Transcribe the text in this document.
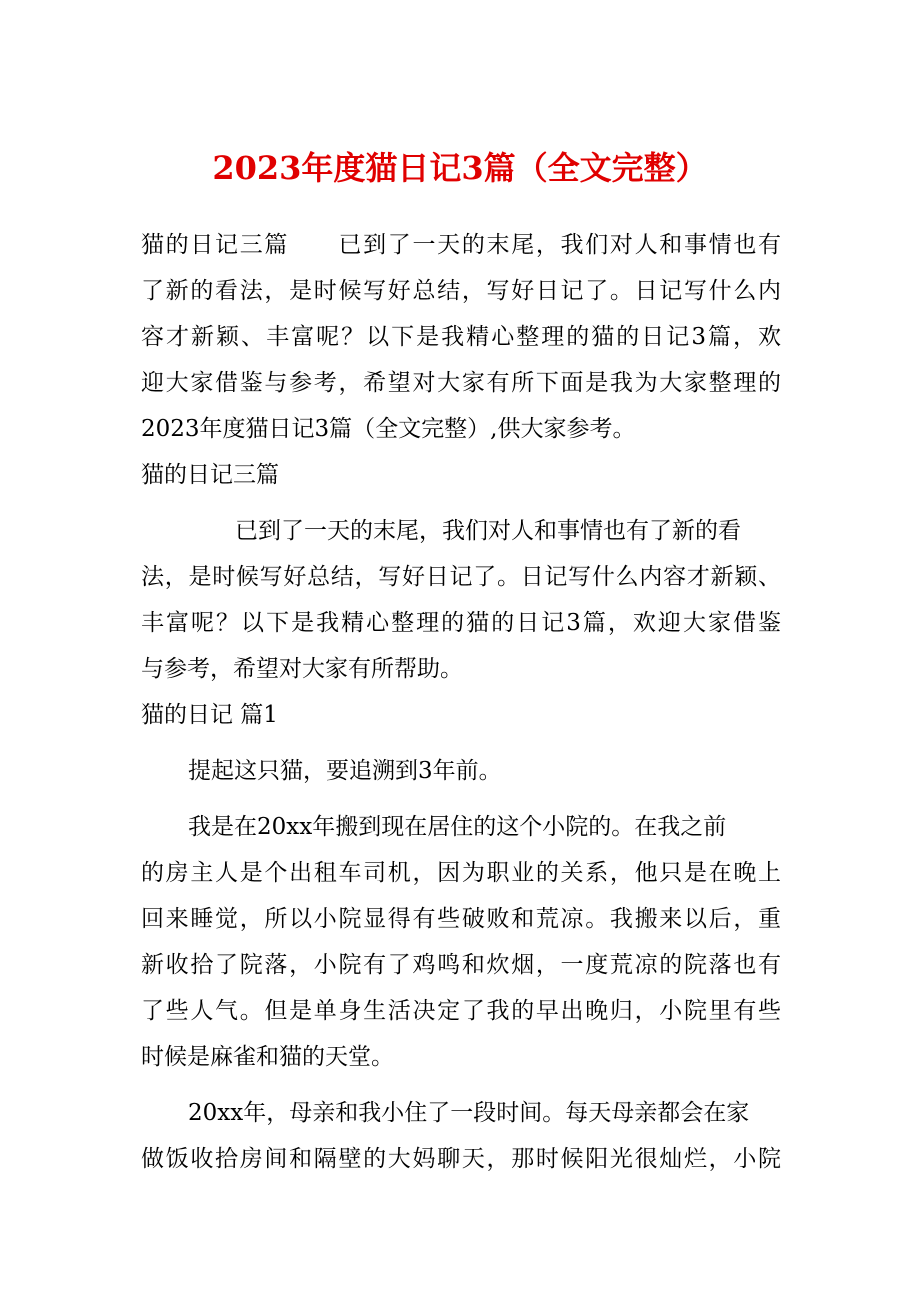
2023年度猫日记3篇（全文完整）
猫的日记三篇　　已到了一天的末尾，我们对人和事情也有
了新的看法，是时候写好总结，写好日记了。日记写什么内
容才新颖、丰富呢？以下是我精心整理的猫的日记3篇，欢
迎大家借鉴与参考，希望对大家有所下面是我为大家整理的
2023年度猫日记3篇（全文完整）,供大家参考。
猫的日记三篇
已到了一天的末尾，我们对人和事情也有了新的看
法，是时候写好总结，写好日记了。日记写什么内容才新颖、
丰富呢？以下是我精心整理的猫的日记3篇，欢迎大家借鉴
与参考，希望对大家有所帮助。
猫的日记 篇1
提起这只猫，要追溯到3年前。
我是在20xx年搬到现在居住的这个小院的。在我之前
的房主人是个出租车司机，因为职业的关系，他只是在晚上
回来睡觉，所以小院显得有些破败和荒凉。我搬来以后，重
新收拾了院落，小院有了鸡鸣和炊烟，一度荒凉的院落也有
了些人气。但是单身生活决定了我的早出晚归，小院里有些
时候是麻雀和猫的天堂。
20xx年，母亲和我小住了一段时间。每天母亲都会在家
做饭收拾房间和隔壁的大妈聊天，那时候阳光很灿烂，小院
